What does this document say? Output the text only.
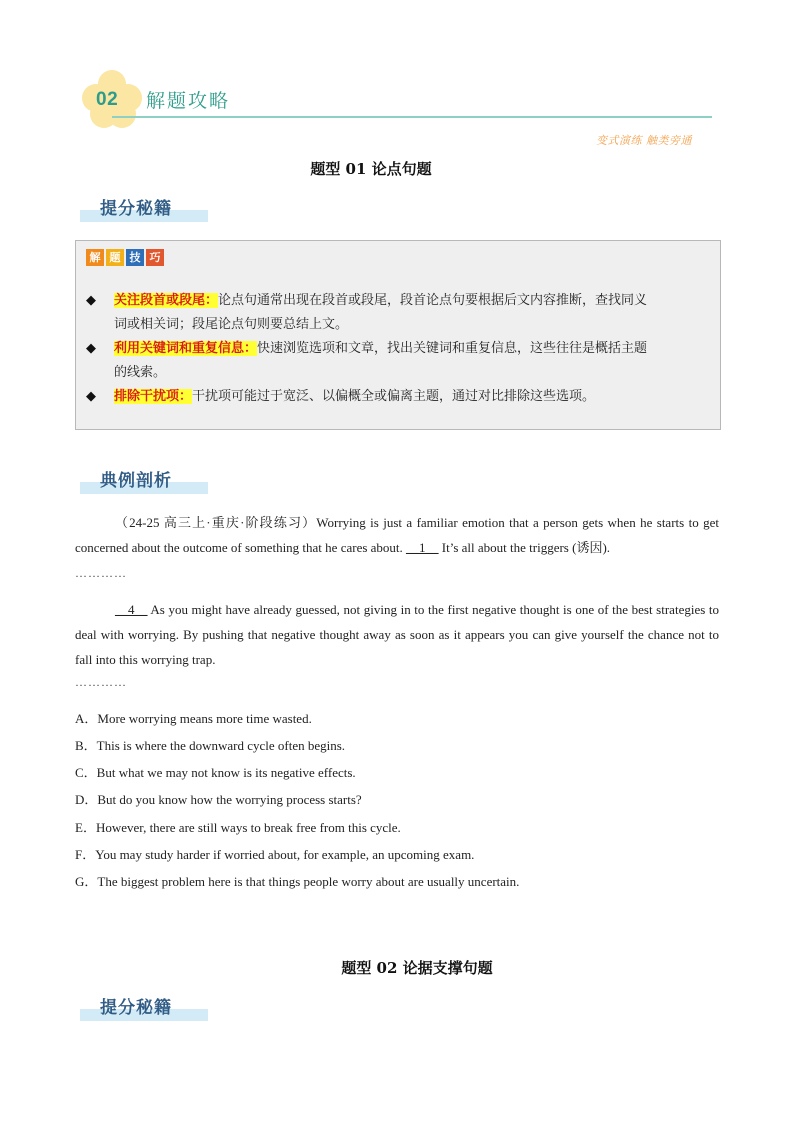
02 解题攻略
变式演练 触类旁通
题型 01 论点句题
提分秘籍
解 题 技 巧
◆ 关注段首或段尾：论点句通常出现在段首或段尾，段首论点句要根据后文内容推断，查找同义
词或相关词；段尾论点句则要总结上文。
◆ 利用关键词和重复信息：快速浏览选项和文章，找出关键词和重复信息，这些往往是概括主题
的线索。
◆ 排除干扰项：干扰项可能过于宽泛、以偏概全或偏离主题，通过对比排除这些选项。
典例剖析
（24-25 高三上·重庆·阶段练习）Worrying is just a familiar emotion that a person gets when he starts to get concerned about the outcome of something that he cares about. __1__ It’s all about the triggers (诱因).
…………
__4__ As you might have already guessed, not giving in to the first negative thought is one of the best strategies to deal with worrying. By pushing that negative thought away as soon as it appears you can give yourself the chance not to fall into this worrying trap.
…………
A．More worrying means more time wasted.
B．This is where the downward cycle often begins.
C．But what we may not know is its negative effects.
D．But do you know how the worrying process starts?
E．However, there are still ways to break free from this cycle.
F．You may study harder if worried about, for example, an upcoming exam.
G．The biggest problem here is that things people worry about are usually uncertain.
题型 02 论据支撑句题
提分秘籍
